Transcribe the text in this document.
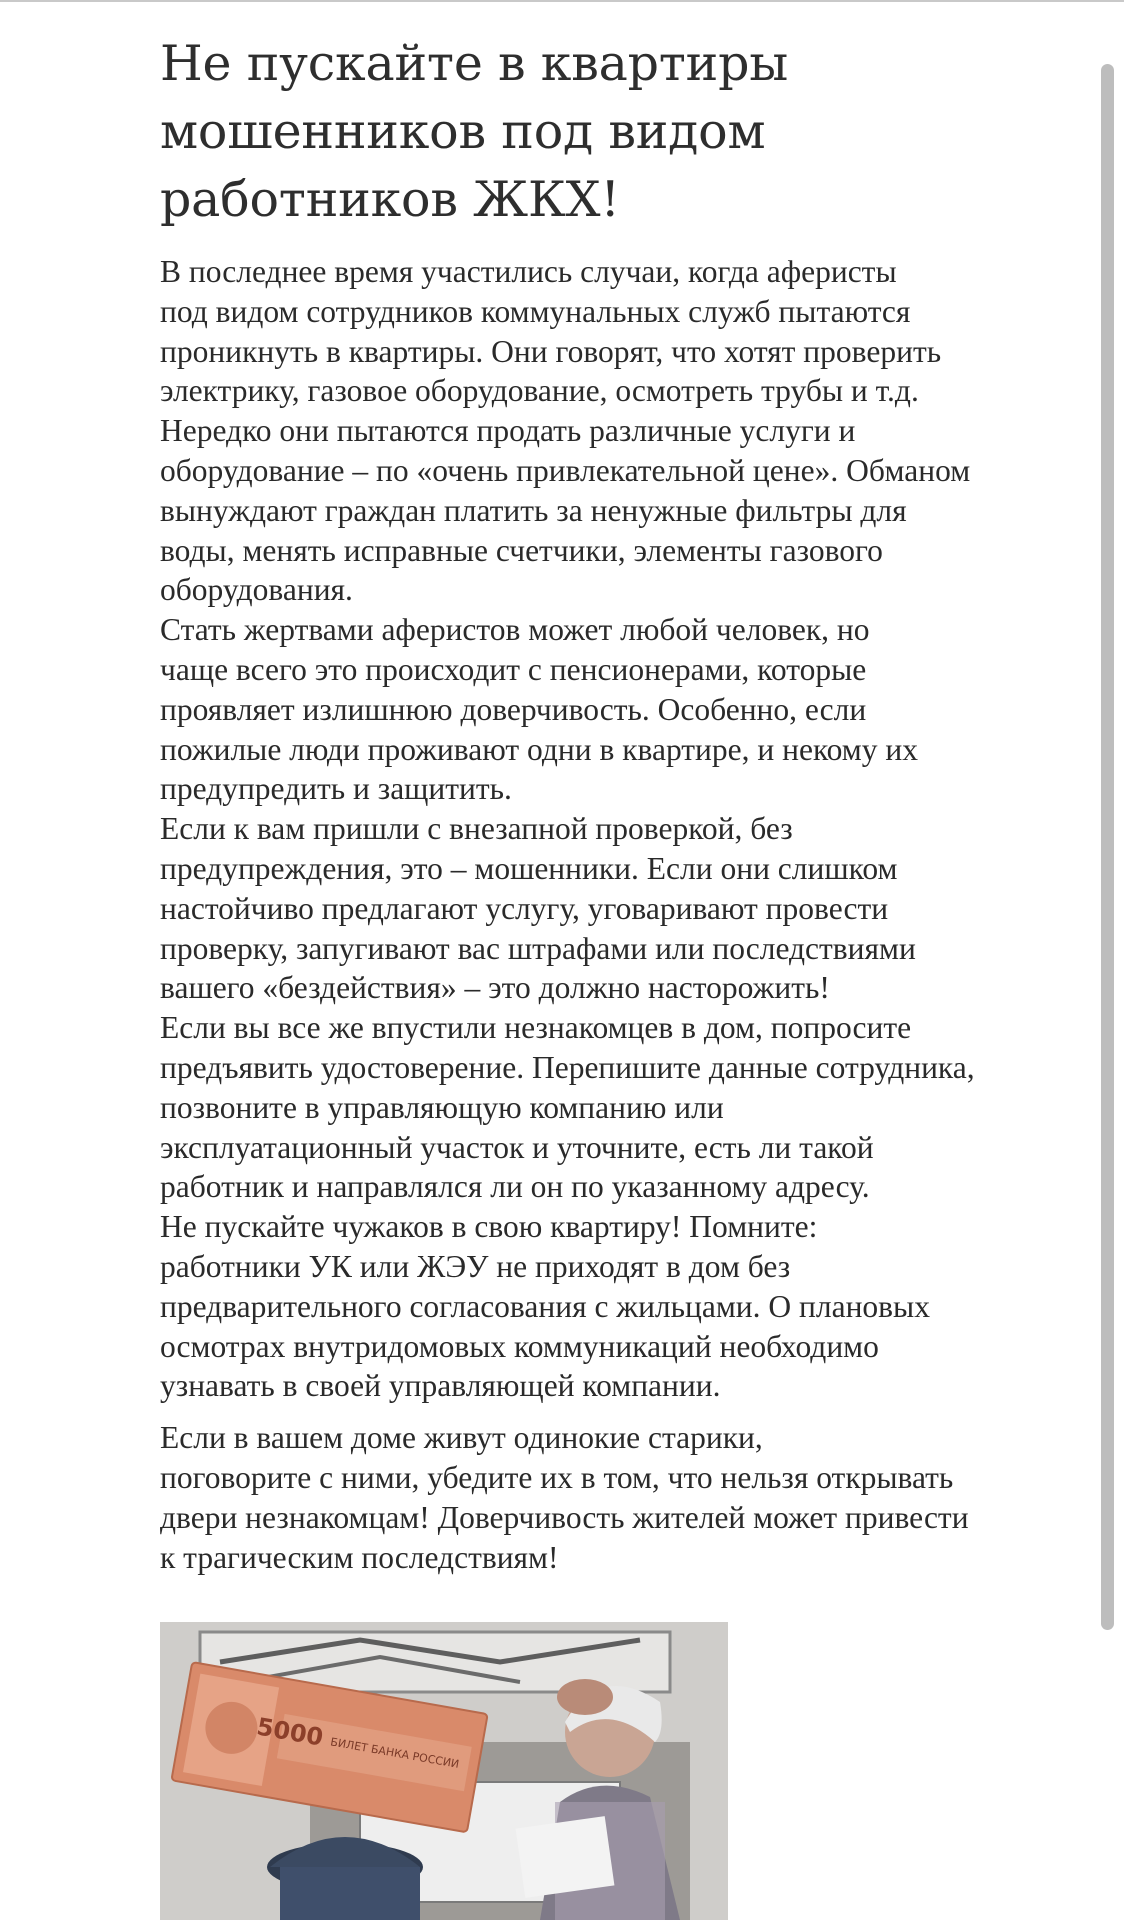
Не пускайте в квартиры
мошенников под видом
работников ЖКХ!
В последнее время участились случаи, когда аферисты
под видом сотрудников коммунальных служб пытаются
проникнуть в квартиры. Они говорят, что хотят проверить
электрику, газовое оборудование, осмотреть трубы и т.д.
Нередко они пытаются продать различные услуги и
оборудование – по «очень привлекательной цене». Обманом
вынуждают граждан платить за ненужные фильтры для
воды, менять исправные счетчики, элементы газового
оборудования.
Стать жертвами аферистов может любой человек, но
чаще всего это происходит с пенсионерами, которые
проявляет излишнюю доверчивость. Особенно, если
пожилые люди проживают одни в квартире, и некому их
предупредить и защитить.
Если к вам пришли с внезапной проверкой, без
предупреждения, это – мошенники. Если они слишком
настойчиво предлагают услугу, уговаривают провести
проверку, запугивают вас штрафами или последствиями
вашего «бездействия» – это должно насторожить!
Если вы все же впустили незнакомцев в дом, попросите
предъявить удостоверение. Перепишите данные сотрудника,
позвоните в управляющую компанию или
эксплуатационный участок и уточните, есть ли такой
работник и направлялся ли он по указанному адресу.
Не пускайте чужаков в свою квартиру! Помните:
работники УК или ЖЭУ не приходят в дом без
предварительного согласования с жильцами. О плановых
осмотрах внутридомовых коммуникаций необходимо
узнавать в своей управляющей компании.
Если в вашем доме живут одинокие старики,
поговорите с ними, убедите их в том, что нельзя открывать
двери незнакомцам! Доверчивость жителей может привести
к трагическим последствиям!
5000
БИЛЕТ БАНКА РОССИИ
